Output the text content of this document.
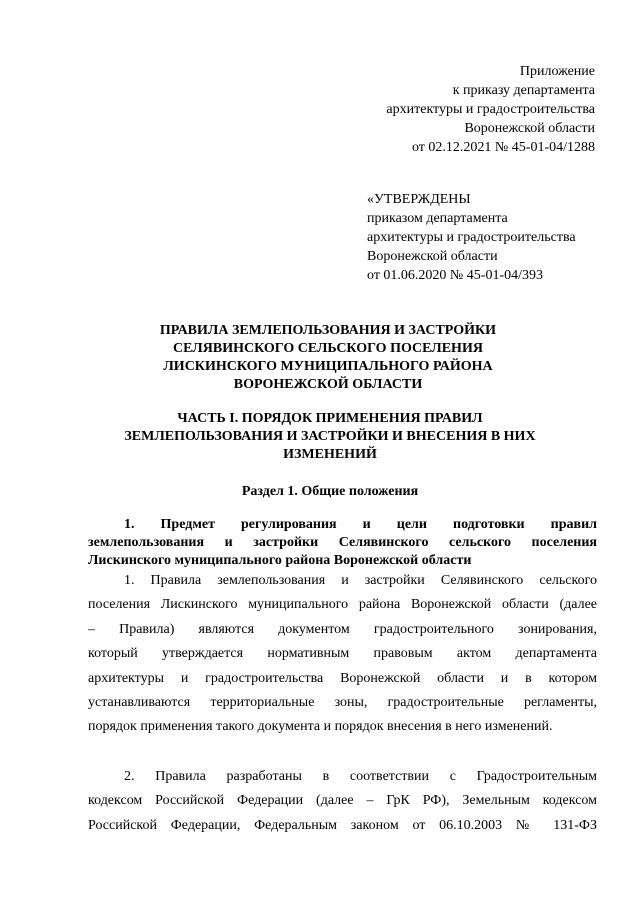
Приложение
к приказу департамента
архитектуры и градостроительства
Воронежской области
от 02.12.2021 № 45-01-04/1288
«УТВЕРЖДЕНЫ
приказом департамента
архитектуры и градостроительства
Воронежской области
от 01.06.2020 № 45-01-04/393
ПРАВИЛА ЗЕМЛЕПОЛЬЗОВАНИЯ И ЗАСТРОЙКИ
СЕЛЯВИНСКОГО СЕЛЬСКОГО ПОСЕЛЕНИЯ
ЛИСКИНСКОГО МУНИЦИПАЛЬНОГО РАЙОНА
ВОРОНЕЖСКОЙ ОБЛАСТИ
ЧАСТЬ I. ПОРЯДОК ПРИМЕНЕНИЯ ПРАВИЛ
ЗЕМЛЕПОЛЬЗОВАНИЯ И ЗАСТРОЙКИ И ВНЕСЕНИЯ В НИХ
ИЗМЕНЕНИЙ
Раздел 1. Общие положения
1. Предмет регулирования и цели подготовки правил
землепользования и застройки Селявинского сельского поселения
Лискинского муниципального района Воронежской области
1. Правила землепользования и застройки Селявинского сельского
поселения Лискинского муниципального района Воронежской области (далее
– Правила) являются документом градостроительного зонирования,
который утверждается нормативным правовым актом департамента
архитектуры и градостроительства Воронежской области и в котором
устанавливаются территориальные зоны, градостроительные регламенты,
порядок применения такого документа и порядок внесения в него изменений.
2. Правила разработаны в соответствии с Градостроительным
кодексом Российской Федерации (далее – ГрК РФ), Земельным кодексом
Российской Федерации, Федеральным законом от 06.10.2003 № 131-ФЗ
